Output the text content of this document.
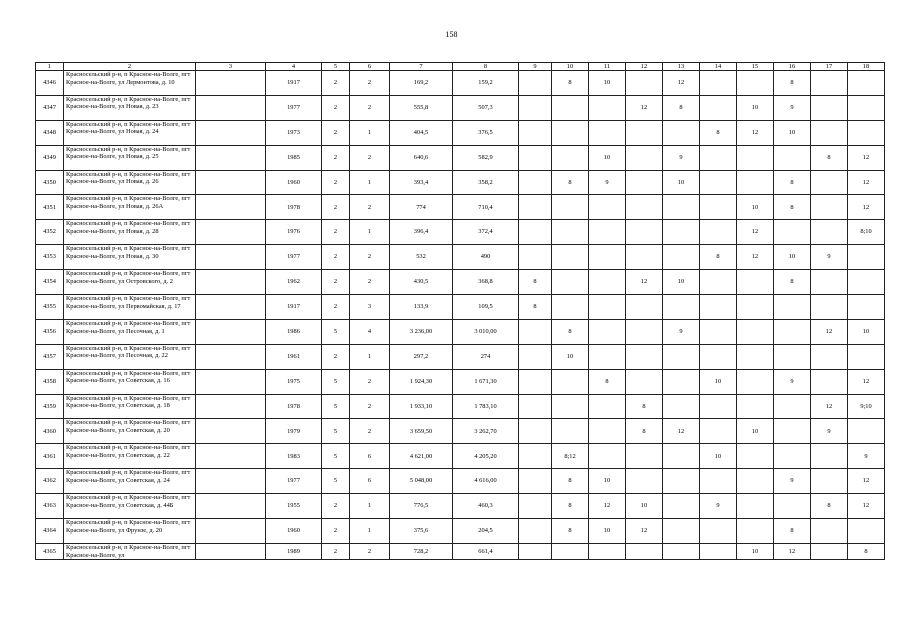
158
1	2	3	4	5	6	7	8	9	10	11	12	13	14	15	16	17	18
4346	Красносельский р-н, п Красное-на-Волге, пгт Красное-на-Волге, ул Лермонтова, д. 10		1917	2	2	169,2	159,2		8	10		12			8		
4347	Красносельский р-н, п Красное-на-Волге, пгт Красное-на-Волге, ул Новая, д. 23		1977	2	2	555,8	507,3				12	8		10	9		
4348	Красносельский р-н, п Красное-на-Волге, пгт Красное-на-Волге, ул Новая, д. 24		1973	2	1	404,5	376,5						8	12	10		
4349	Красносельский р-н, п Красное-на-Волге, пгт Красное-на-Волге, ул Новая, д. 25		1985	2	2	640,6	582,9			10		9				8	12
4350	Красносельский р-н, п Красное-на-Волге, пгт Красное-на-Волге, ул Новая, д. 26		1960	2	1	393,4	358,2		8	9		10			8		12
4351	Красносельский р-н, п Красное-на-Волге, пгт Красное-на-Волге, ул Новая, д. 26А		1978	2	2	774	710,4							10	8		12
4352	Красносельский р-н, п Красное-на-Волге, пгт Красное-на-Волге, ул Новая, д. 28		1976	2	1	396,4	372,4							12			8;10
4353	Красносельский р-н, п Красное-на-Волге, пгт Красное-на-Волге, ул Новая, д. 30		1977	2	2	532	490						8	12	10	9	
4354	Красносельский р-н, п Красное-на-Волге, пгт Красное-на-Волге, ул Островского, д. 2		1962	2	2	430,5	368,8	8			12	10			8		
4355	Красносельский р-н, п Красное-на-Волге, пгт Красное-на-Волге, ул Первомайская, д. 17		1917	2	3	133,9	109,5	8									
4356	Красносельский р-н, п Красное-на-Волге, пгт Красное-на-Волге, ул Песочная, д. 1		1986	5	4	3 236,00	3 010,00		8			9				12	10
4357	Красносельский р-н, п Красное-на-Волге, пгт Красное-на-Волге, ул Песочная, д. 22		1961	2	1	297,2	274		10								
4358	Красносельский р-н, п Красное-на-Волге, пгт Красное-на-Волге, ул Советская, д. 16		1975	5	2	1 924,30	1 671,30			8			10		9		12
4359	Красносельский р-н, п Красное-на-Волге, пгт Красное-на-Волге, ул Советская, д. 18		1978	5	2	1 933,10	1 783,10				8					12	9;10
4360	Красносельский р-н, п Красное-на-Волге, пгт Красное-на-Волге, ул Советская, д. 20		1979	5	2	3 659,50	3 262,70				8	12		10		9	
4361	Красносельский р-н, п Красное-на-Волге, пгт Красное-на-Волге, ул Советская, д. 22		1983	5	6	4 621,00	4 205,20		8;12				10				9
4362	Красносельский р-н, п Красное-на-Волге, пгт Красное-на-Волге, ул Советская, д. 24		1977	5	6	5 048,00	4 616,00		8	10					9		12
4363	Красносельский р-н, п Красное-на-Волге, пгт Красное-на-Волге, ул Советская, д. 44Б		1955	2	1	776,5	460,3		8	12	10		9			8	12
4364	Красносельский р-н, п Красное-на-Волге, пгт Красное-на-Волге, ул Фрунзе, д. 20		1960	2	1	375,6	204,5		8	10	12				8		
4365	Красносельский р-н, п Красное-на-Волге, пгт Красное-на-Волге, ул		1989	2	2	728,2	661,4							10	12		8
